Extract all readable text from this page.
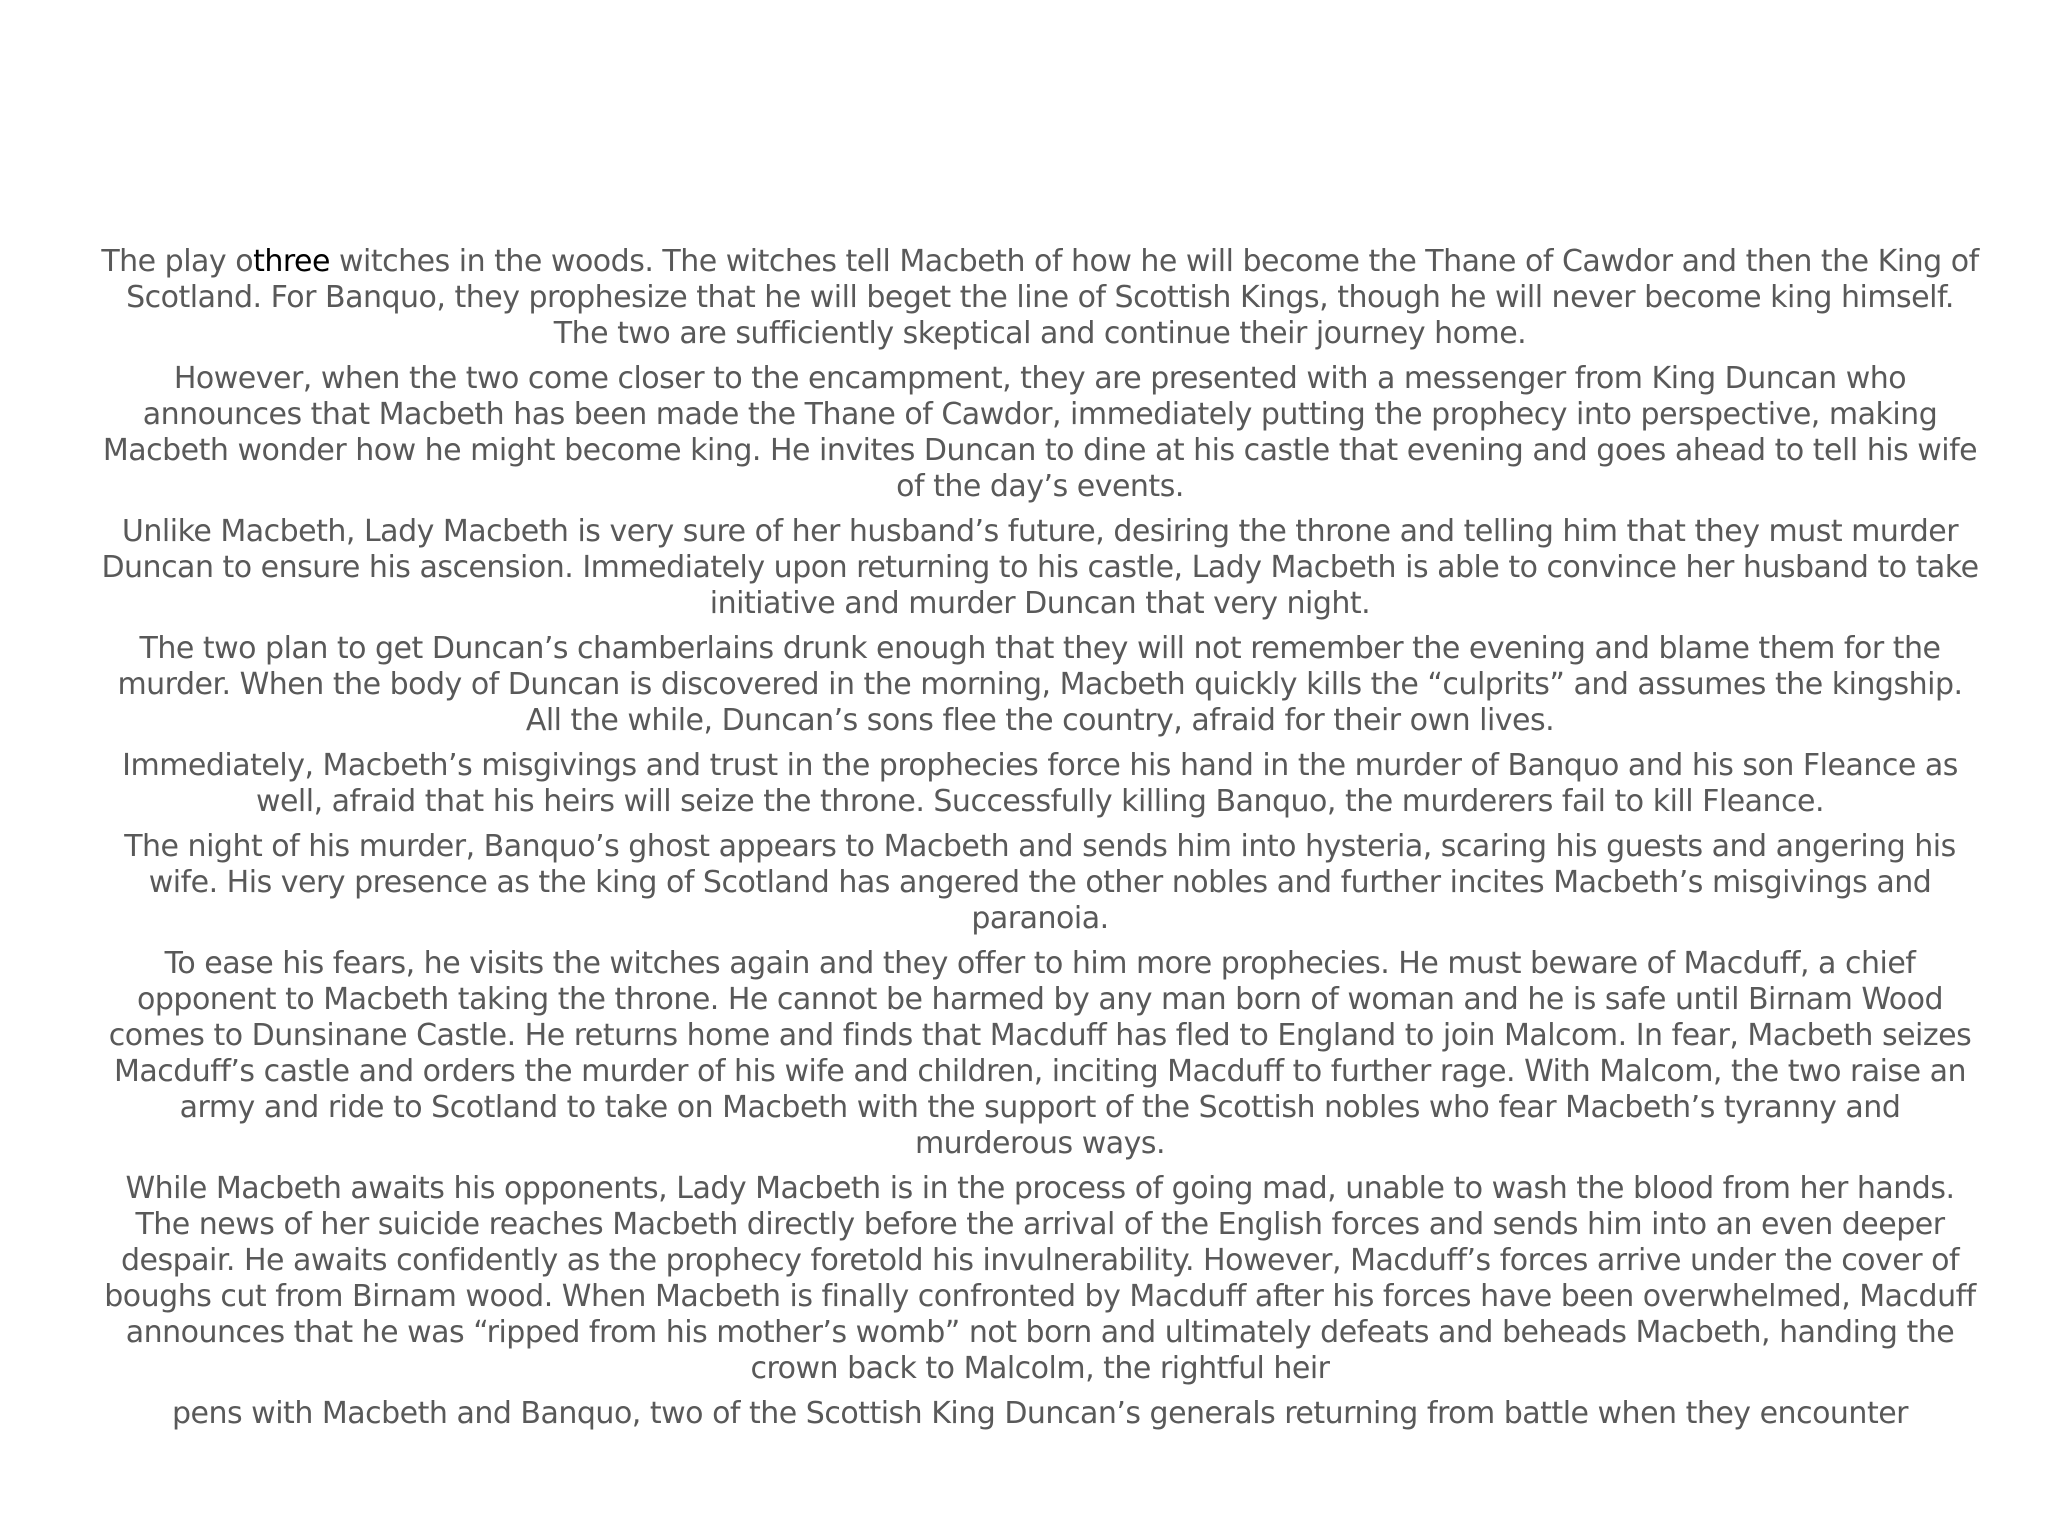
The play othree witches in the woods. The witches tell Macbeth of how he will become the Thane of Cawdor and then the King of Scotland. For Banquo, they prophesize that he will beget the line of Scottish Kings, though he will never become king himself. The two are sufficiently skeptical and continue their journey home.

However, when the two come closer to the encampment, they are presented with a messenger from King Duncan who announces that Macbeth has been made the Thane of Cawdor, immediately putting the prophecy into perspective, making Macbeth wonder how he might become king. He invites Duncan to dine at his castle that evening and goes ahead to tell his wife of the day’s events.

Unlike Macbeth, Lady Macbeth is very sure of her husband’s future, desiring the throne and telling him that they must murder Duncan to ensure his ascension. Immediately upon returning to his castle, Lady Macbeth is able to convince her husband to take initiative and murder Duncan that very night.

The two plan to get Duncan’s chamberlains drunk enough that they will not remember the evening and blame them for the murder. When the body of Duncan is discovered in the morning, Macbeth quickly kills the “culprits” and assumes the kingship. All the while, Duncan’s sons flee the country, afraid for their own lives.

Immediately, Macbeth’s misgivings and trust in the prophecies force his hand in the murder of Banquo and his son Fleance as well, afraid that his heirs will seize the throne. Successfully killing Banquo, the murderers fail to kill Fleance.

The night of his murder, Banquo’s ghost appears to Macbeth and sends him into hysteria, scaring his guests and angering his wife. His very presence as the king of Scotland has angered the other nobles and further incites Macbeth’s misgivings and paranoia.

To ease his fears, he visits the witches again and they offer to him more prophecies. He must beware of Macduff, a chief opponent to Macbeth taking the throne. He cannot be harmed by any man born of woman and he is safe until Birnam Wood comes to Dunsinane Castle. He returns home and finds that Macduff has fled to England to join Malcom. In fear, Macbeth seizes Macduff’s castle and orders the murder of his wife and children, inciting Macduff to further rage. With Malcom, the two raise an army and ride to Scotland to take on Macbeth with the support of the Scottish nobles who fear Macbeth’s tyranny and murderous ways.

While Macbeth awaits his opponents, Lady Macbeth is in the process of going mad, unable to wash the blood from her hands. The news of her suicide reaches Macbeth directly before the arrival of the English forces and sends him into an even deeper despair. He awaits confidently as the prophecy foretold his invulnerability. However, Macduff’s forces arrive under the cover of boughs cut from Birnam wood. When Macbeth is finally confronted by Macduff after his forces have been overwhelmed, Macduff announces that he was “ripped from his mother’s womb” not born and ultimately defeats and beheads Macbeth, handing the crown back to Malcolm, the rightful heir

pens with Macbeth and Banquo, two of the Scottish King Duncan’s generals returning from battle when they encounter
